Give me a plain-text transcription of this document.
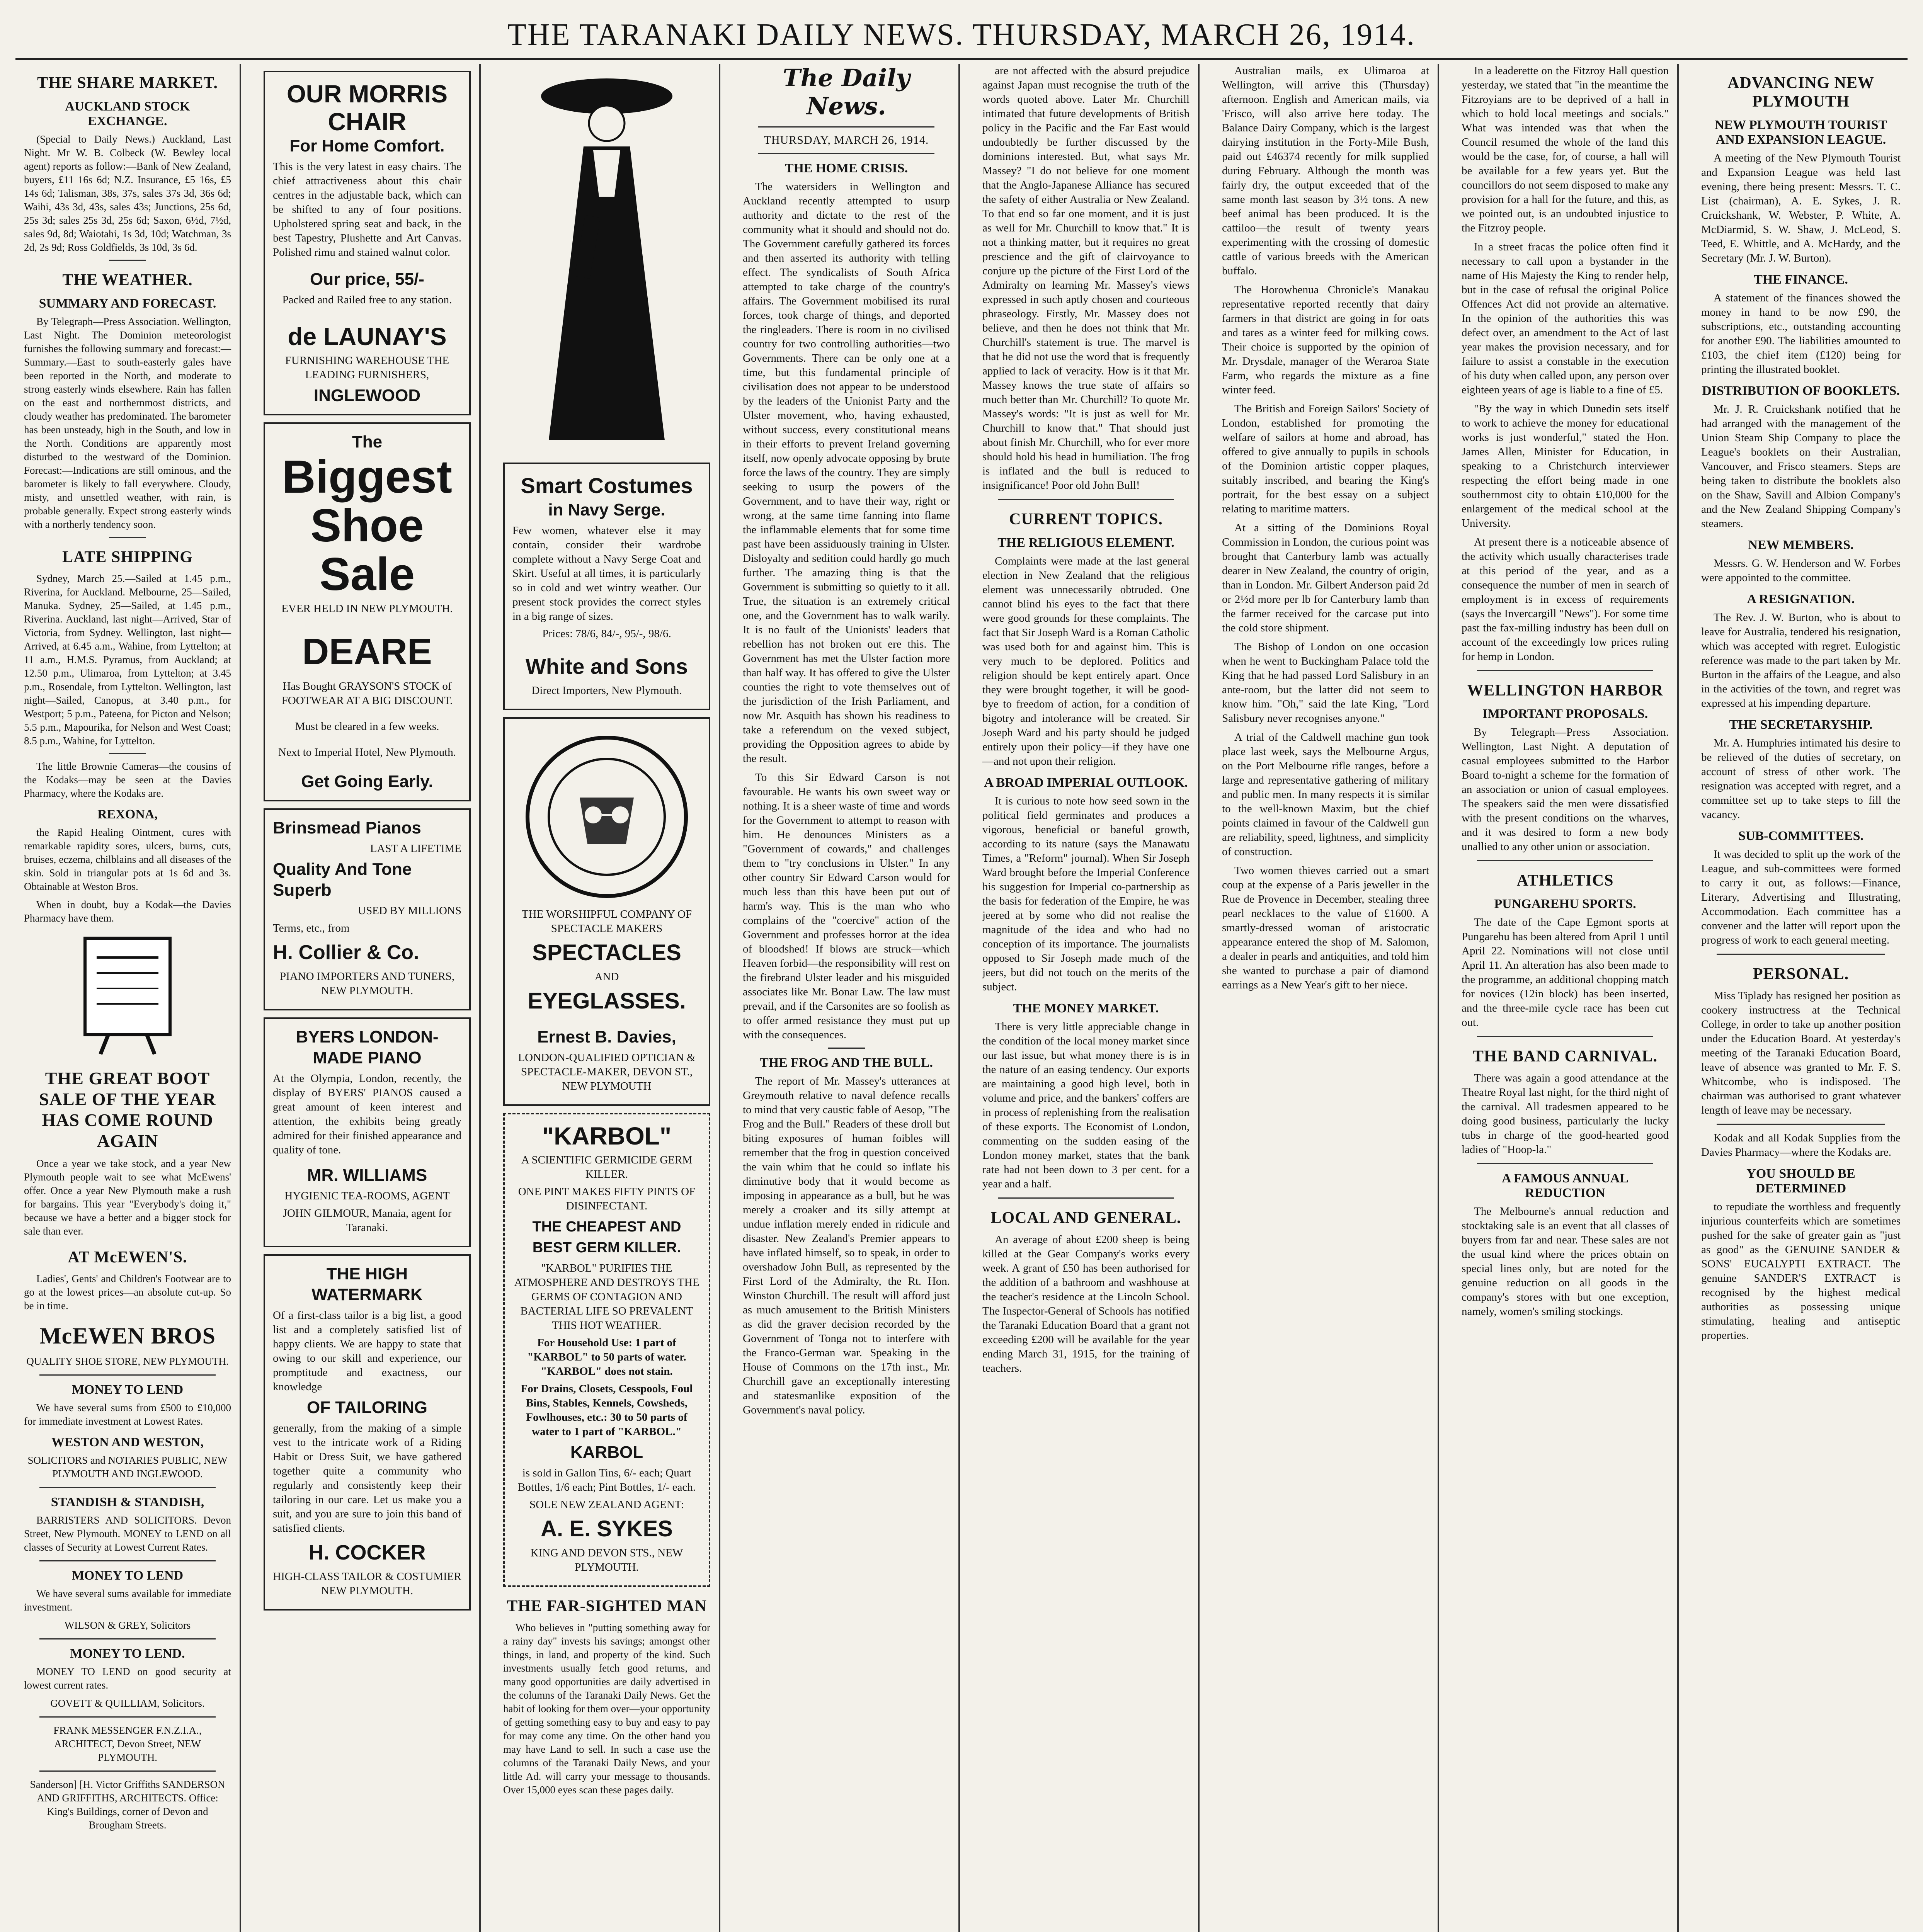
THE TARANAKI DAILY NEWS. THURSDAY, MARCH 26, 1914.
THE SHARE MARKET.
AUCKLAND STOCK EXCHANGE.

(Special to Daily News.) Auckland, Last Night. Mr W. B. Colbeck (W. Bewley local agent) reports as follow:—Bank of New Zealand, buyers, £11 16s 6d; N.Z. Insurance, £5 16s, £5 14s 6d; Talisman, 38s, 37s, sales 37s 3d, 36s 6d; Waihi, 43s 3d, 43s, sales 43s; Junctions, 25s 6d, 25s 3d; sales 25s 3d, 25s 6d; Saxon, 6½d, 7½d, sales 9d, 8d; Waiotahi, 1s 3d, 10d; Watchman, 3s 2d, 2s 9d; Ross Goldfields, 3s 10d, 3s 6d.

THE WEATHER.
SUMMARY AND FORECAST.

By Telegraph—Press Association. Wellington, Last Night. The Dominion meteorologist furnishes the following summary and forecast:—Summary.—East to south-easterly gales have been reported in the North, and moderate to strong easterly winds elsewhere. Rain has fallen on the east and northernmost districts, and cloudy weather has predominated. The barometer has been unsteady, high in the South, and low in the North. Conditions are apparently most disturbed to the westward of the Dominion. Forecast:—Indications are still ominous, and the barometer is likely to fall everywhere. Cloudy, misty, and unsettled weather, with rain, is probable generally. Expect strong easterly winds with a northerly tendency soon.

LATE SHIPPING

Sydney, March 25.—Sailed at 1.45 p.m., Riverina, for Auckland. Melbourne, 25—Sailed, Manuka. Sydney, 25—Sailed, at 1.45 p.m., Riverina. Auckland, last night—Arrived, Star of Victoria, from Sydney. Wellington, last night—Arrived, at 6.45 a.m., Wahine, from Lyttelton; at 11 a.m., H.M.S. Pyramus, from Auckland; at 12.50 p.m., Ulimaroa, from Lyttelton; at 3.45 p.m., Rosendale, from Lyttelton. Wellington, last night—Sailed, Canopus, at 3.40 p.m., for Westport; 5 p.m., Pateena, for Picton and Nelson; 5.5 p.m., Mapourika, for Nelson and West Coast; 8.5 p.m., Wahine, for Lyttelton.

The little Brownie Cameras—the cousins of the Kodaks—may be seen at the Davies Pharmacy, where the Kodaks are.

REXONA,

the Rapid Healing Ointment, cures with remarkable rapidity sores, ulcers, burns, cuts, bruises, eczema, chilblains and all diseases of the skin. Sold in triangular pots at 1s 6d and 3s. Obtainable at Weston Bros.

When in doubt, buy a Kodak—the Davies Pharmacy have them.

THE GREAT BOOT SALE OF THE YEAR HAS COME ROUND AGAIN

Once a year we take stock, and a year New Plymouth people wait to see what McEwens' offer. Once a year New Plymouth make a rush for bargains. This year "Everybody's doing it," because we have a better and a bigger stock for sale than ever.

AT McEWEN'S.

Ladies', Gents' and Children's Footwear are to go at the lowest prices—an absolute cut-up. So be in time.

McEWEN BROS

QUALITY SHOE STORE, NEW PLYMOUTH.

MONEY TO LEND

We have several sums from £500 to £10,000 for immediate investment at Lowest Rates.

WESTON AND WESTON,

SOLICITORS and NOTARIES PUBLIC, NEW PLYMOUTH AND INGLEWOOD.

STANDISH & STANDISH,

BARRISTERS AND SOLICITORS. Devon Street, New Plymouth. MONEY to LEND on all classes of Security at Lowest Current Rates.

MONEY TO LEND

We have several sums available for immediate investment.

WILSON & GREY, Solicitors

MONEY TO LEND.

MONEY TO LEND on good security at lowest current rates.

GOVETT & QUILLIAM, Solicitors.

FRANK MESSENGER F.N.Z.I.A., ARCHITECT, Devon Street, NEW PLYMOUTH.

Sanderson] [H. Victor Griffiths SANDERSON AND GRIFFITHS, ARCHITECTS. Office: King's Buildings, corner of Devon and Brougham Streets.

OUR MORRIS CHAIR
For Home Comfort.
This is the very latest in easy chairs. The chief attractiveness about this chair centres in the adjustable back, which can be shifted to any of four positions. Upholstered spring seat and back, in the best Tapestry, Plushette and Art Canvas. Polished rimu and stained walnut color.
Our price, 55/-
Packed and Railed free to any station.
de LAUNAY'S
FURNISHING WAREHOUSE THE LEADING FURNISHERS,
INGLEWOOD
The
Biggest Shoe Sale
EVER HELD IN NEW PLYMOUTH.
DEARE
Has Bought GRAYSON'S STOCK of FOOTWEAR AT A BIG DISCOUNT.
Must be cleared in a few weeks.
Next to Imperial Hotel, New Plymouth.
Get Going Early.
Brinsmead Pianos
LAST A LIFETIME
Quality And Tone Superb
USED BY MILLIONS
Terms, etc., from
H. Collier & Co.
PIANO IMPORTERS AND TUNERS, NEW PLYMOUTH.
BYERS LONDON-MADE PIANO
At the Olympia, London, recently, the display of BYERS' PIANOS caused a great amount of keen interest and attention, the exhibits being greatly admired for their finished appearance and quality of tone.
MR. WILLIAMS
HYGIENIC TEA-ROOMS, AGENT
JOHN GILMOUR, Manaia, agent for Taranaki.
THE HIGH WATERMARK
Of a first-class tailor is a big list, a good list and a completely satisfied list of happy clients. We are happy to state that owing to our skill and experience, our promptitude and exactness, our knowledge
OF TAILORING
generally, from the making of a simple vest to the intricate work of a Riding Habit or Dress Suit, we have gathered together quite a community who regularly and consistently keep their tailoring in our care. Let us make you a suit, and you are sure to join this band of satisfied clients.
H. COCKER
HIGH-CLASS TAILOR & COSTUMIER NEW PLYMOUTH.
Smart Costumes
in Navy Serge.
Few women, whatever else it may contain, consider their wardrobe complete without a Navy Serge Coat and Skirt. Useful at all times, it is particularly so in cold and wet wintry weather. Our present stock provides the correct styles in a big range of sizes.
Prices: 78/6, 84/-, 95/-, 98/6.
White and Sons
Direct Importers, New Plymouth.
THE WORSHIPFUL COMPANY OF SPECTACLE MAKERS
SPECTACLES
AND
EYEGLASSES.
Ernest B. Davies,
LONDON-QUALIFIED OPTICIAN & SPECTACLE-MAKER, DEVON ST., NEW PLYMOUTH
"KARBOL"
A SCIENTIFIC GERMICIDE GERM KILLER.
ONE PINT MAKES FIFTY PINTS OF DISINFECTANT.
THE CHEAPEST AND BEST GERM KILLER.
"KARBOL" PURIFIES THE ATMOSPHERE AND DESTROYS THE GERMS OF CONTAGION AND BACTERIAL LIFE SO PREVALENT THIS HOT WEATHER.
For Household Use: 1 part of "KARBOL" to 50 parts of water. "KARBOL" does not stain.
For Drains, Closets, Cesspools, Foul Bins, Stables, Kennels, Cowsheds, Fowlhouses, etc.: 30 to 50 parts of water to 1 part of "KARBOL."
KARBOL
is sold in Gallon Tins, 6/- each; Quart Bottles, 1/6 each; Pint Bottles, 1/- each.
SOLE NEW ZEALAND AGENT:
A. E. SYKES
KING AND DEVON STS., NEW PLYMOUTH.
THE FAR-SIGHTED MAN

Who believes in "putting something away for a rainy day" invests his savings; amongst other things, in land, and property of the kind. Such investments usually fetch good returns, and many good opportunities are daily advertised in the columns of the Taranaki Daily News. Get the habit of looking for them over—your opportunity of getting something easy to buy and easy to pay for may come any time. On the other hand you may have Land to sell. In such a case use the columns of the Taranaki Daily News, and your little Ad. will carry your message to thousands. Over 15,000 eyes scan these pages daily.

The Daily News.
THURSDAY, MARCH 26, 1914.
THE HOME CRISIS.

The watersiders in Wellington and Auckland recently attempted to usurp authority and dictate to the rest of the community what it should and should not do. The Government carefully gathered its forces and then asserted its authority with telling effect. The syndicalists of South Africa attempted to take charge of the country's affairs. The Government mobilised its rural forces, took charge of things, and deported the ringleaders. There is room in no civilised country for two controlling authorities—two Governments. There can be only one at a time, but this fundamental principle of civilisation does not appear to be understood by the leaders of the Unionist Party and the Ulster movement, who, having exhausted, without success, every constitutional means in their efforts to prevent Ireland governing itself, now openly advocate opposing by brute force the laws of the country. They are simply seeking to usurp the powers of the Government, and to have their way, right or wrong, at the same time fanning into flame the inflammable elements that for some time past have been assiduously training in Ulster. Disloyalty and sedition could hardly go much further. The amazing thing is that the Government is submitting so quietly to it all. True, the situation is an extremely critical one, and the Government has to walk warily. It is no fault of the Unionists' leaders that rebellion has not broken out ere this. The Government has met the Ulster faction more than half way. It has offered to give the Ulster counties the right to vote themselves out of the jurisdiction of the Irish Parliament, and now Mr. Asquith has shown his readiness to take a referendum on the vexed subject, providing the Opposition agrees to abide by the result.

To this Sir Edward Carson is not favourable. He wants his own sweet way or nothing. It is a sheer waste of time and words for the Government to attempt to reason with him. He denounces Ministers as a "Government of cowards," and challenges them to "try conclusions in Ulster." In any other country Sir Edward Carson would for much less than this have been put out of harm's way. This is the man who who complains of the "coercive" action of the Government and professes horror at the idea of bloodshed! If blows are struck—which Heaven forbid—the responsibility will rest on the firebrand Ulster leader and his misguided associates like Mr. Bonar Law. The law must prevail, and if the Carsonites are so foolish as to offer armed resistance they must put up with the consequences.

THE FROG AND THE BULL.

The report of Mr. Massey's utterances at Greymouth relative to naval defence recalls to mind that very caustic fable of Aesop, "The Frog and the Bull." Readers of these droll but biting exposures of human foibles will remember that the frog in question conceived the vain whim that he could so inflate his diminutive body that it would become as imposing in appearance as a bull, but he was merely a croaker and its silly attempt at undue inflation merely ended in ridicule and disaster. New Zealand's Premier appears to have inflated himself, so to speak, in order to overshadow John Bull, as represented by the First Lord of the Admiralty, the Rt. Hon. Winston Churchill. The result will afford just as much amusement to the British Ministers as did the graver decision recorded by the Government of Tonga not to interfere with the Franco-German war. Speaking in the House of Commons on the 17th inst., Mr. Churchill gave an exceptionally interesting and statesmanlike exposition of the Government's naval policy.

are not affected with the absurd prejudice against Japan must recognise the truth of the words quoted above. Later Mr. Churchill intimated that future developments of British policy in the Pacific and the Far East would undoubtedly be further discussed by the dominions interested. But, what says Mr. Massey? "I do not believe for one moment that the Anglo-Japanese Alliance has secured the safety of either Australia or New Zealand. To that end so far one moment, and it is just as well for Mr. Churchill to know that." It is not a thinking matter, but it requires no great prescience and the gift of clairvoyance to conjure up the picture of the First Lord of the Admiralty on learning Mr. Massey's views expressed in such aptly chosen and courteous phraseology. Firstly, Mr. Massey does not believe, and then he does not think that Mr. Churchill's statement is true. The marvel is that he did not use the word that is frequently applied to lack of veracity. How is it that Mr. Massey knows the true state of affairs so much better than Mr. Churchill? To quote Mr. Massey's words: "It is just as well for Mr. Churchill to know that." That should just about finish Mr. Churchill, who for ever more should hold his head in humiliation. The frog is inflated and the bull is reduced to insignificance! Poor old John Bull!

CURRENT TOPICS.
THE RELIGIOUS ELEMENT.

Complaints were made at the last general election in New Zealand that the religious element was unnecessarily obtruded. One cannot blind his eyes to the fact that there were good grounds for these complaints. The fact that Sir Joseph Ward is a Roman Catholic was used both for and against him. This is very much to be deplored. Politics and religion should be kept entirely apart. Once they were brought together, it will be good-bye to freedom of action, for a condition of bigotry and intolerance will be created. Sir Joseph Ward and his party should be judged entirely upon their policy—if they have one—and not upon their religion.

A BROAD IMPERIAL OUTLOOK.

It is curious to note how seed sown in the political field germinates and produces a vigorous, beneficial or baneful growth, according to its nature (says the Manawatu Times, a "Reform" journal). When Sir Joseph Ward brought before the Imperial Conference his suggestion for Imperial co-partnership as the basis for federation of the Empire, he was jeered at by some who did not realise the magnitude of the idea and who had no conception of its importance. The journalists opposed to Sir Joseph made much of the jeers, but did not touch on the merits of the subject.

THE MONEY MARKET.

There is very little appreciable change in the condition of the local money market since our last issue, but what money there is is in the nature of an easing tendency. Our exports are maintaining a good high level, both in volume and price, and the bankers' coffers are in process of replenishing from the realisation of these exports. The Economist of London, commenting on the sudden easing of the London money market, states that the bank rate had not been down to 3 per cent. for a year and a half.

LOCAL AND GENERAL.

An average of about £200 sheep is being killed at the Gear Company's works every week. A grant of £50 has been authorised for the addition of a bathroom and washhouse at the teacher's residence at the Lincoln School. The Inspector-General of Schools has notified the Taranaki Education Board that a grant not exceeding £200 will be available for the year ending March 31, 1915, for the training of teachers.

Australian mails, ex Ulimaroa at Wellington, will arrive this (Thursday) afternoon. English and American mails, via 'Frisco, will also arrive here today. The Balance Dairy Company, which is the largest dairying institution in the Forty-Mile Bush, paid out £46374 recently for milk supplied during February. Although the month was fairly dry, the output exceeded that of the same month last season by 3½ tons. A new beef animal has been produced. It is the cattiloo—the result of twenty years experimenting with the crossing of domestic cattle of various breeds with the American buffalo.

The Horowhenua Chronicle's Manakau representative reported recently that dairy farmers in that district are going in for oats and tares as a winter feed for milking cows. Their choice is supported by the opinion of Mr. Drysdale, manager of the Weraroa State Farm, who regards the mixture as a fine winter feed.

The British and Foreign Sailors' Society of London, established for promoting the welfare of sailors at home and abroad, has offered to give annually to pupils in schools of the Dominion artistic copper plaques, suitably inscribed, and bearing the King's portrait, for the best essay on a subject relating to maritime matters.

At a sitting of the Dominions Royal Commission in London, the curious point was brought that Canterbury lamb was actually dearer in New Zealand, the country of origin, than in London. Mr. Gilbert Anderson paid 2d or 2½d more per lb for Canterbury lamb than the farmer received for the carcase put into the cold store shipment.

The Bishop of London on one occasion when he went to Buckingham Palace told the King that he had passed Lord Salisbury in an ante-room, but the latter did not seem to know him. "Oh," said the late King, "Lord Salisbury never recognises anyone."

A trial of the Caldwell machine gun took place last week, says the Melbourne Argus, on the Port Melbourne rifle ranges, before a large and representative gathering of military and public men. In many respects it is similar to the well-known Maxim, but the chief points claimed in favour of the Caldwell gun are reliability, speed, lightness, and simplicity of construction.

Two women thieves carried out a smart coup at the expense of a Paris jeweller in the Rue de Provence in December, stealing three pearl necklaces to the value of £1600. A smartly-dressed woman of aristocratic appearance entered the shop of M. Salomon, a dealer in pearls and antiquities, and told him she wanted to purchase a pair of diamond earrings as a New Year's gift to her niece.

In a leaderette on the Fitzroy Hall question yesterday, we stated that "in the meantime the Fitzroyians are to be deprived of a hall in which to hold local meetings and socials." What was intended was that when the Council resumed the whole of the land this would be the case, for, of course, a hall will be available for a few years yet. But the councillors do not seem disposed to make any provision for a hall for the future, and this, as we pointed out, is an undoubted injustice to the Fitzroy people.

In a street fracas the police often find it necessary to call upon a bystander in the name of His Majesty the King to render help, but in the case of refusal the original Police Offences Act did not provide an alternative. In the opinion of the authorities this was defect over, an amendment to the Act of last year makes the provision necessary, and for failure to assist a constable in the execution of his duty when called upon, any person over eighteen years of age is liable to a fine of £5.

"By the way in which Dunedin sets itself to work to achieve the money for educational works is just wonderful," stated the Hon. James Allen, Minister for Education, in speaking to a Christchurch interviewer respecting the effort being made in one southernmost city to obtain £10,000 for the enlargement of the medical school at the University.

At present there is a noticeable absence of the activity which usually characterises trade at this period of the year, and as a consequence the number of men in search of employment is in excess of requirements (says the Invercargill "News"). For some time past the fax-milling industry has been dull on account of the exceedingly low prices ruling for hemp in London.

WELLINGTON HARBOR
IMPORTANT PROPOSALS.

By Telegraph—Press Association. Wellington, Last Night. A deputation of casual employees submitted to the Harbor Board to-night a scheme for the formation of an association or union of casual employees. The speakers said the men were dissatisfied with the present conditions on the wharves, and it was desired to form a new body unallied to any other union or association.

ATHLETICS
PUNGAREHU SPORTS.

The date of the Cape Egmont sports at Pungarehu has been altered from April 1 until April 22. Nominations will not close until April 11. An alteration has also been made to the programme, an additional chopping match for novices (12in block) has been inserted, and the three-mile cycle race has been cut out.

THE BAND CARNIVAL.

There was again a good attendance at the Theatre Royal last night, for the third night of the carnival. All tradesmen appeared to be doing good business, particularly the lucky tubs in charge of the good-hearted good ladies of "Hoop-la."

A FAMOUS ANNUAL REDUCTION

The Melbourne's annual reduction and stocktaking sale is an event that all classes of buyers from far and near. These sales are not the usual kind where the prices obtain on special lines only, but are noted for the genuine reduction on all goods in the company's stores with but one exception, namely, women's smiling stockings.

ADVANCING NEW PLYMOUTH
NEW PLYMOUTH TOURIST AND EXPANSION LEAGUE.

A meeting of the New Plymouth Tourist and Expansion League was held last evening, there being present: Messrs. T. C. List (chairman), A. E. Sykes, J. R. Cruickshank, W. Webster, P. White, A. McDiarmid, S. W. Shaw, J. McLeod, S. Teed, E. Whittle, and A. McHardy, and the Secretary (Mr. J. W. Burton).

THE FINANCE.

A statement of the finances showed the money in hand to be now £90, the subscriptions, etc., outstanding accounting for another £90. The liabilities amounted to £103, the chief item (£120) being for printing the illustrated booklet.

DISTRIBUTION OF BOOKLETS.

Mr. J. R. Cruickshank notified that he had arranged with the management of the Union Steam Ship Company to place the League's booklets on their Australian, Vancouver, and Frisco steamers. Steps are being taken to distribute the booklets also on the Shaw, Savill and Albion Company's and the New Zealand Shipping Company's steamers.

NEW MEMBERS.

Messrs. G. W. Henderson and W. Forbes were appointed to the committee.

A RESIGNATION.

The Rev. J. W. Burton, who is about to leave for Australia, tendered his resignation, which was accepted with regret. Eulogistic reference was made to the part taken by Mr. Burton in the affairs of the League, and also in the activities of the town, and regret was expressed at his impending departure.

THE SECRETARYSHIP.

Mr. A. Humphries intimated his desire to be relieved of the duties of secretary, on account of stress of other work. The resignation was accepted with regret, and a committee set up to take steps to fill the vacancy.

SUB-COMMITTEES.

It was decided to split up the work of the League, and sub-committees were formed to carry it out, as follows:—Finance, Literary, Advertising and Illustrating, Accommodation. Each committee has a convener and the latter will report upon the progress of work to each general meeting.

PERSONAL.

Miss Tiplady has resigned her position as cookery instructress at the Technical College, in order to take up another position under the Education Board. At yesterday's meeting of the Taranaki Education Board, leave of absence was granted to Mr. F. S. Whitcombe, who is indisposed. The chairman was authorised to grant whatever length of leave may be necessary.

Kodak and all Kodak Supplies from the Davies Pharmacy—where the Kodaks are.

YOU SHOULD BE DETERMINED

to repudiate the worthless and frequently injurious counterfeits which are sometimes pushed for the sake of greater gain as "just as good" as the GENUINE SANDER & SONS' EUCALYPTI EXTRACT. The genuine SANDER'S EXTRACT is recognised by the highest medical authorities as possessing unique stimulating, healing and antiseptic properties.
